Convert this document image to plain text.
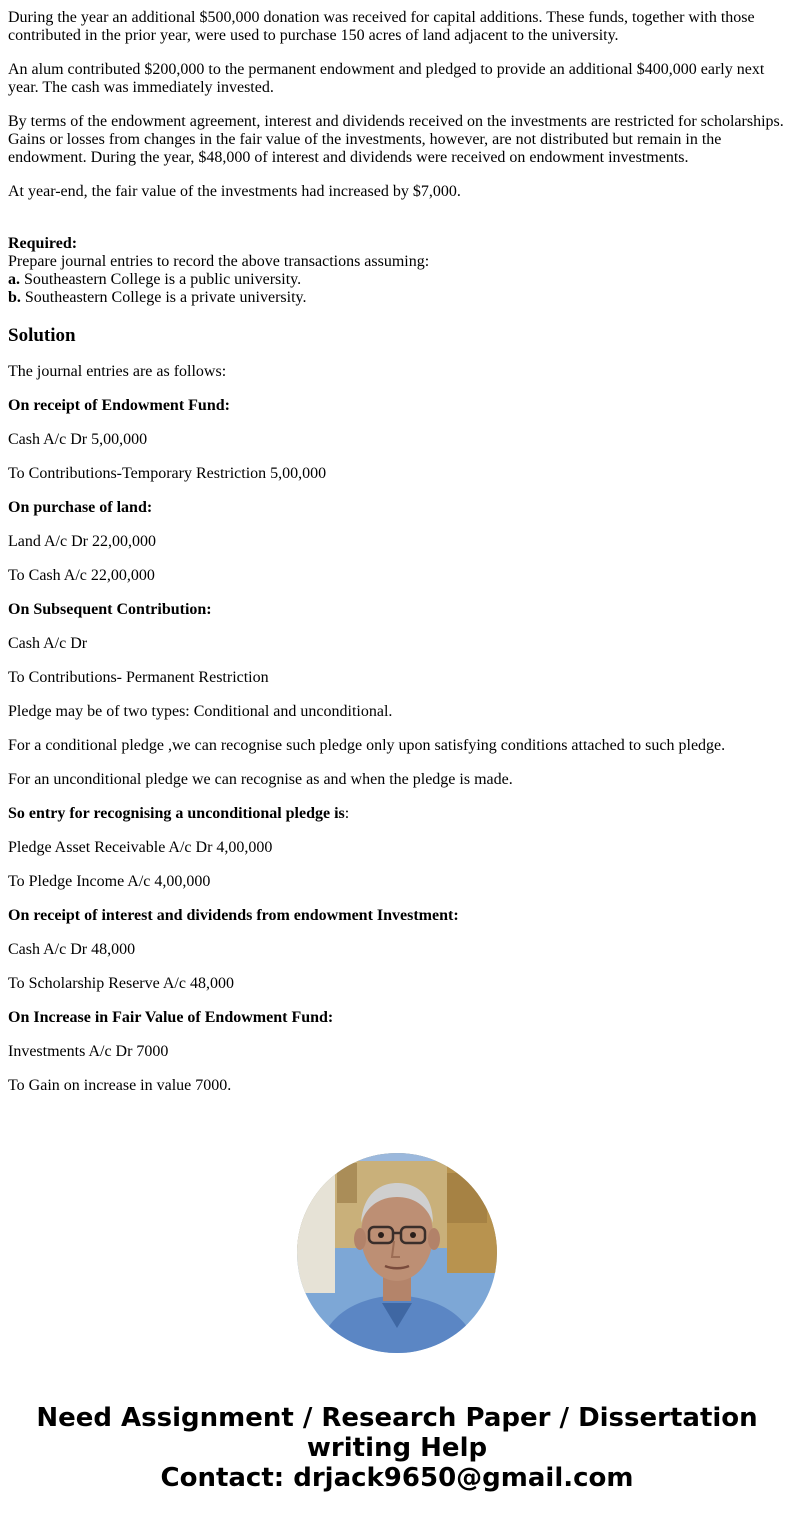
During the year an additional $500,000 donation was received for capital additions. These funds, together with those contributed in the prior year, were used to purchase 150 acres of land adjacent to the university.

An alum contributed $200,000 to the permanent endowment and pledged to provide an additional $400,000 early next year. The cash was immediately invested.

By terms of the endowment agreement, interest and dividends received on the investments are restricted for scholarships. Gains or losses from changes in the fair value of the investments, however, are not distributed but remain in the endowment. During the year, $48,000 of interest and dividends were received on endowment investments.

At year-end, the fair value of the investments had increased by $7,000.

Required:
Prepare journal entries to record the above transactions assuming:
a. Southeastern College is a public university.
b. Southeastern College is a private university.
Solution

The journal entries are as follows:

On receipt of Endowment Fund:

Cash A/c Dr 5,00,000

To Contributions-Temporary Restriction 5,00,000

On purchase of land:

Land A/c Dr 22,00,000

To Cash A/c 22,00,000

On Subsequent Contribution:

Cash A/c Dr

To Contributions- Permanent Restriction

Pledge may be of two types: Conditional and unconditional.

For a conditional pledge ,we can recognise such pledge only upon satisfying conditions attached to such pledge.

For an unconditional pledge we can recognise as and when the pledge is made.

So entry for recognising a unconditional pledge is:

Pledge Asset Receivable A/c Dr 4,00,000

To Pledge Income A/c 4,00,000

On receipt of interest and dividends from endowment Investment:

Cash A/c Dr 48,000

To Scholarship Reserve A/c 48,000

On Increase in Fair Value of Endowment Fund:

Investments A/c Dr 7000

To Gain on increase in value 7000.

Need Assignment / Research Paper / Dissertation
writing Help
Contact: drjack9650@gmail.com
